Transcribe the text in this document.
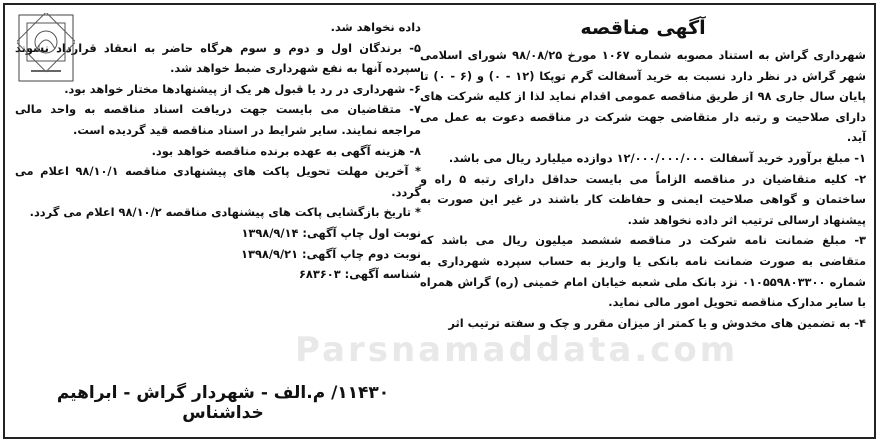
آگهی مناقصه

شهرداری گراش به استناد مصوبه شماره ۱۰۶۷ مورخ ۹۸/۰۸/۲۵ شورای اسلامی شهر گراش در نظر دارد نسبت به خرید آسفالت گرم توپکا (۱۲ - ۰) و (۶ - ۰) تا پایان سال جاری ۹۸ از طریق مناقصه عمومی اقدام نماید لذا از کلیه شرکت های دارای صلاحیت و رتبه دار متقاضی جهت شرکت در مناقصه دعوت به عمل می آید.

۱- مبلغ برآورد خرید آسفالت ۱۲/۰۰۰/۰۰۰/۰۰۰ دوازده میلیارد ریال می باشد.

۲- کلیه متقاضیان در مناقصه الزاماً می بایست حداقل دارای رتبه ۵ راه و ساختمان و گواهی صلاحیت ایمنی و حفاظت کار باشند در غیر این صورت به پیشنهاد ارسالی ترتیب اثر داده نخواهد شد.

۳- مبلغ ضمانت نامه شرکت در مناقصه ششصد میلیون ریال می باشد که متقاضی به صورت ضمانت نامه بانکی یا واریز به حساب سپرده شهرداری به شماره ۰۱۰۵۵۹۸۰۳۳۰۰ نزد بانک ملی شعبه خیابان امام خمینی (ره) گراش همراه با سایر مدارک مناقصه تحویل امور مالی نماید.

۴- به تضمین های مخدوش و یا کمتر از میزان مقرر و چک و سفته ترتیب اثر

داده نخواهد شد.

۵- برندگان اول و دوم و سوم هرگاه حاضر به انعقاد قرارداد نشوند سپرده آنها به نفع شهرداری ضبط خواهد شد.

۶- شهرداری در رد یا قبول هر یک از پیشنهادها مختار خواهد بود.

۷- متقاضیان می بایست جهت دریافت اسناد مناقصه به واحد مالی مراجعه نمایند. سایر شرایط در اسناد مناقصه قید گردیده است.

۸- هزینه آگهی به عهده برنده مناقصه خواهد بود.

* آخرین مهلت تحویل پاکت های پیشنهادی مناقصه ۹۸/۱۰/۱ اعلام می گردد.

* تاریخ بازگشایی پاکت های پیشنهادی مناقصه ۹۸/۱۰/۲ اعلام می گردد.

نوبت اول چاپ آگهی: ۱۳۹۸/۹/۱۴

نوبت دوم چاپ آگهی: ۱۳۹۸/۹/۲۱

شناسه آگهی: ۶۸۳۶۰۳

۱۱۴۳۰/ م.الف - شهردار گراش - ابراهیم خداشناس
Parsnamaddata.com
